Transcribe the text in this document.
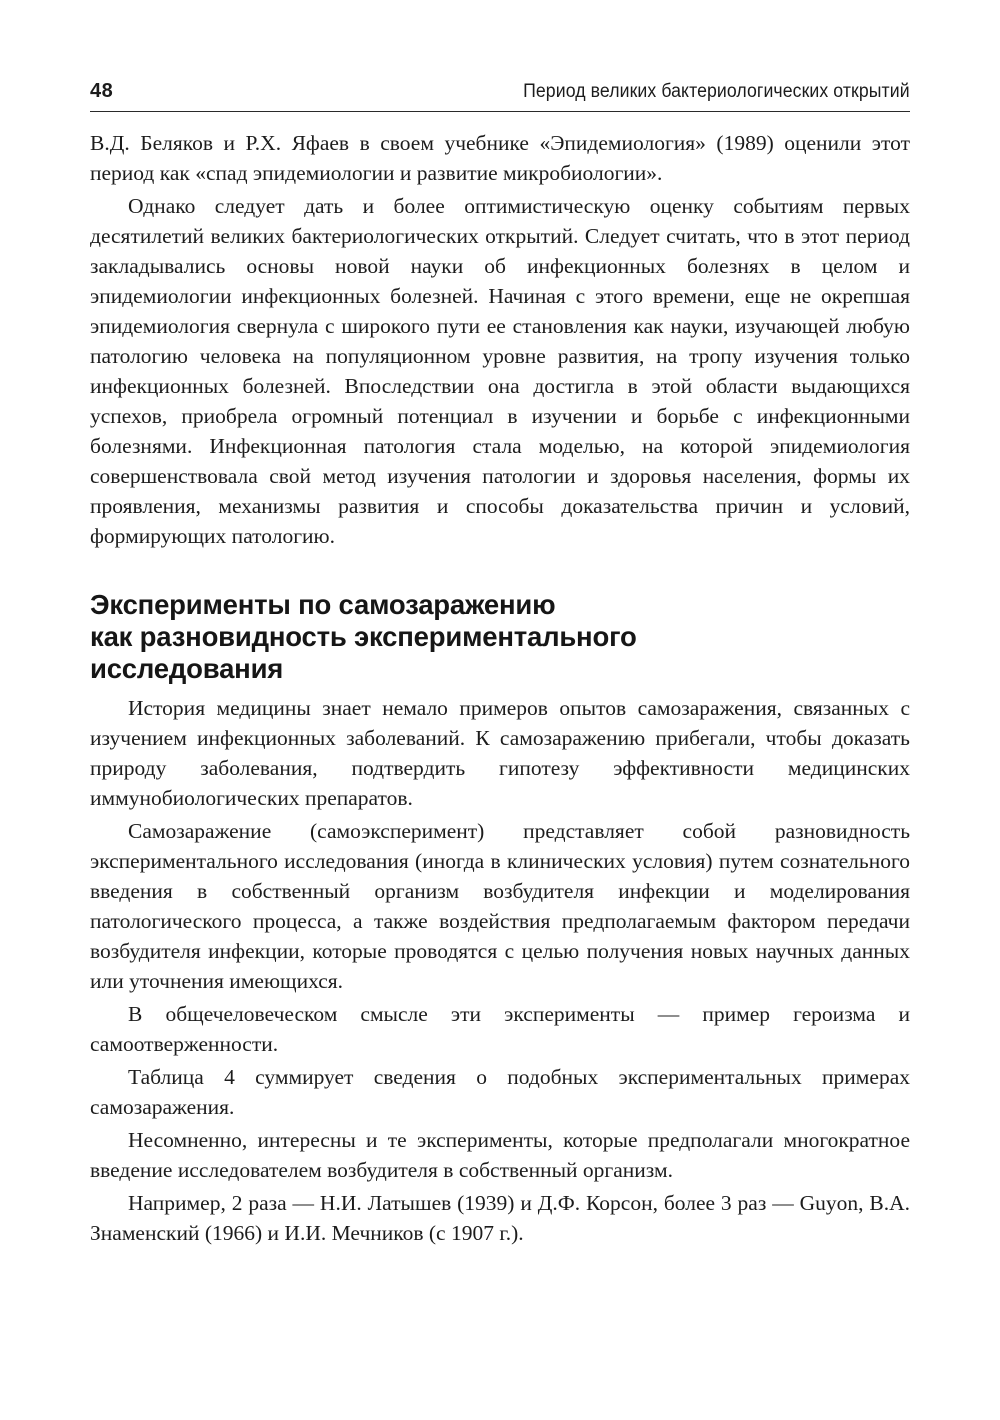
48	Период великих бактериологических открытий

В.Д. Беляков и Р.Х. Яфаев в своем учебнике «Эпидемиология» (1989) оценили этот период как «спад эпидемиологии и развитие микробиологии».

Однако следует дать и более оптимистическую оценку событиям первых десятилетий великих бактериологических открытий. Следует считать, что в этот период закладывались основы новой науки об инфекционных болезнях в целом и эпидемиологии инфекционных болезней. Начиная с этого времени, еще не окрепшая эпидемиология свернула с широкого пути ее становления как науки, изучающей любую патологию человека на популяционном уровне развития, на тропу изучения только инфекционных болезней. Впоследствии она достигла в этой области выдающихся успехов, приобрела огромный потенциал в изучении и борьбе с инфекционными болезнями. Инфекционная патология стала моделью, на которой эпидемиология совершенствовала свой метод изучения патологии и здоровья населения, формы их проявления, механизмы развития и способы доказательства причин и условий, формирующих патологию.

Эксперименты по самозаражению
как разновидность экспериментального
исследования

История медицины знает немало примеров опытов самозаражения, связанных с изучением инфекционных заболеваний. К самозаражению прибегали, чтобы доказать природу заболевания, подтвердить гипотезу эффективности медицинских иммунобиологических препаратов.

Самозаражение (самоэксперимент) представляет собой разновидность экспериментального исследования (иногда в клинических условия) путем сознательного введения в собственный организм возбудителя инфекции и моделирования патологического процесса, а также воздействия предполагаемым фактором передачи возбудителя инфекции, которые проводятся с целью получения новых научных данных или уточнения имеющихся.

В общечеловеческом смысле эти эксперименты — пример героизма и самоотверженности.

Таблица 4 суммирует сведения о подобных экспериментальных примерах самозаражения.

Несомненно, интересны и те эксперименты, которые предполагали многократное введение исследователем возбудителя в собственный организм.

Например, 2 раза — Н.И. Латышев (1939) и Д.Ф. Корсон, более 3 раз — Guyon, В.А. Знаменский (1966) и И.И. Мечников (с 1907 г.).
